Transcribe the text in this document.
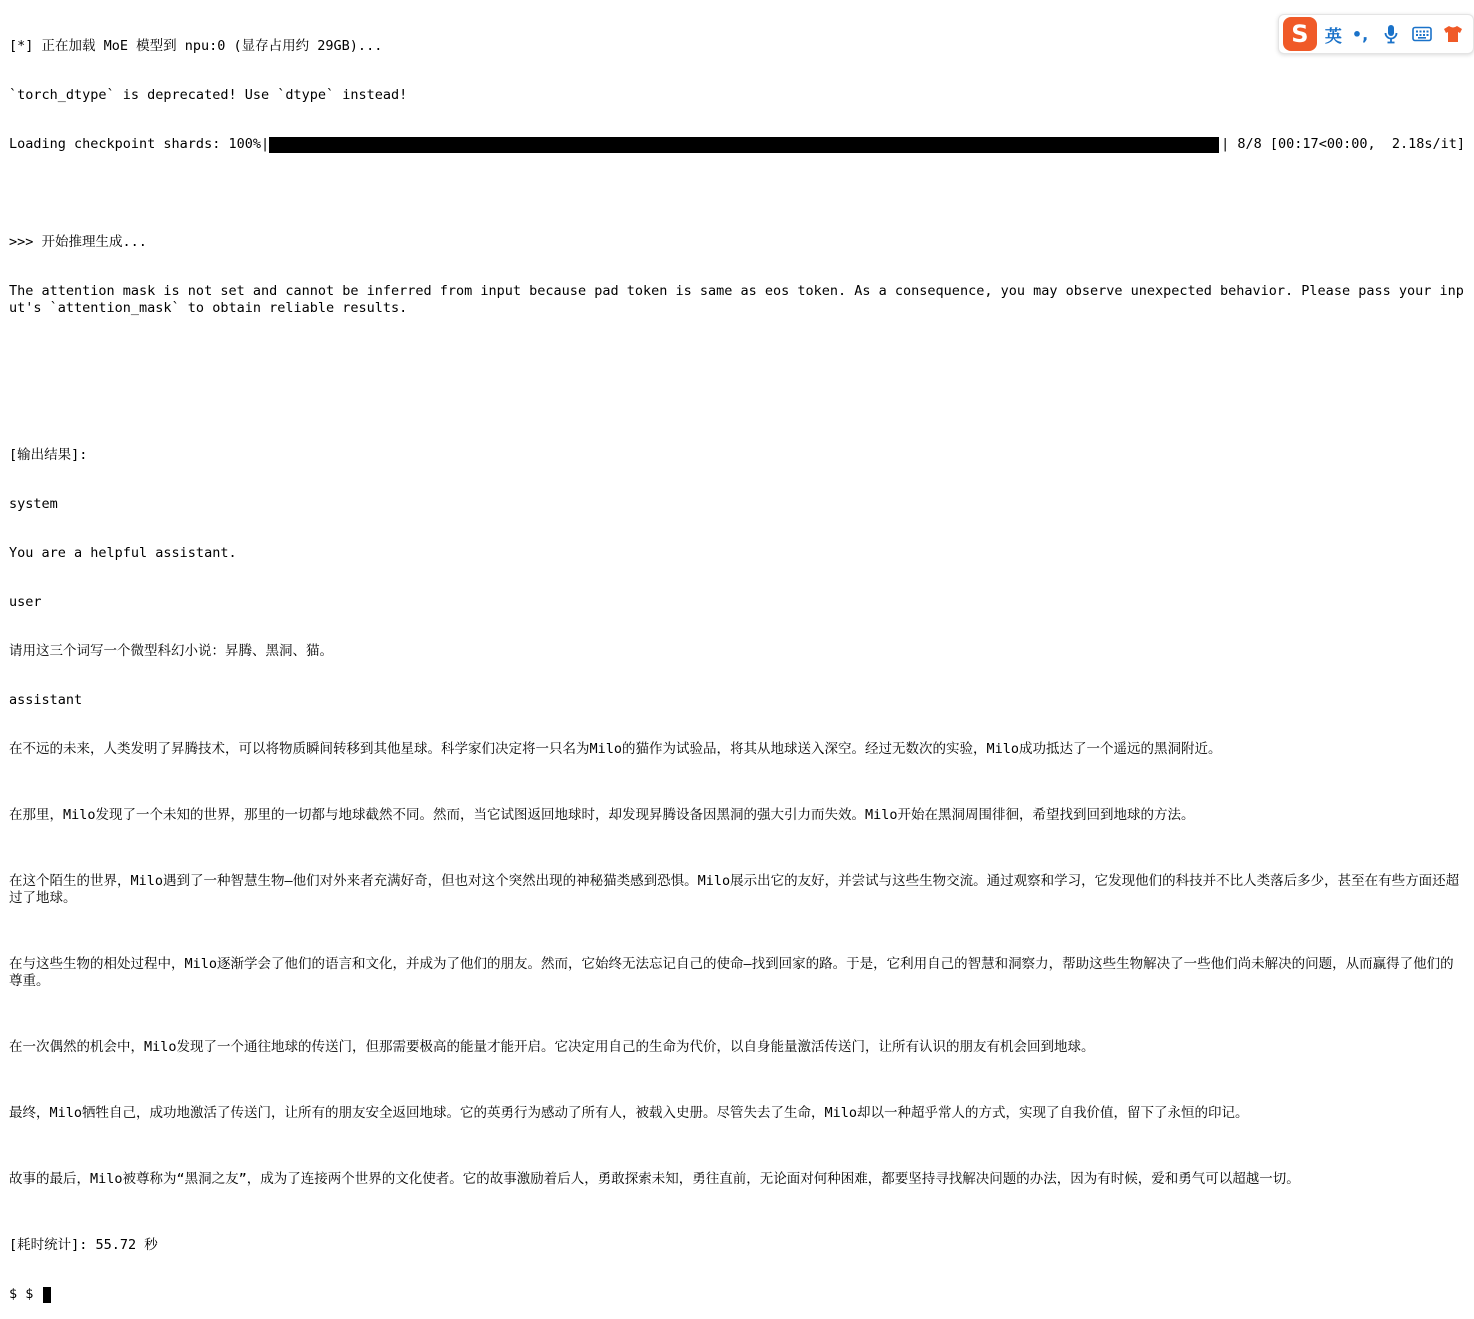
[*] 正在加载 MoE 模型到 npu:0 (显存占用约 29GB)...

`torch_dtype` is deprecated! Use `dtype` instead!

Loading checkpoint shards: 100%|	| 8/8 [00:17<00:00,  2.18s/it]

>>> 开始推理生成...

The attention mask is not set and cannot be inferred from input because pad token is same as eos token. As a consequence, you may observe unexpected behavior. Please pass your input's `attention_mask` to obtain reliable results.

[输出结果]:

system

You are a helpful assistant.

user

请用这三个词写一个微型科幻小说：昇腾、黑洞、猫。

assistant

在不远的未来，人类发明了昇腾技术，可以将物质瞬间转移到其他星球。科学家们决定将一只名为Milo的猫作为试验品，将其从地球送入深空。经过无数次的实验，Milo成功抵达了一个遥远的黑洞附近。

在那里，Milo发现了一个未知的世界，那里的一切都与地球截然不同。然而，当它试图返回地球时，却发现昇腾设备因黑洞的强大引力而失效。Milo开始在黑洞周围徘徊，希望找到回到地球的方法。

在这个陌生的世界，Milo遇到了一种智慧生物—他们对外来者充满好奇，但也对这个突然出现的神秘猫类感到恐惧。Milo展示出它的友好，并尝试与这些生物交流。通过观察和学习，它发现他们的科技并不比人类落后多少，甚至在有些方面还超过了地球。

在与这些生物的相处过程中，Milo逐渐学会了他们的语言和文化，并成为了他们的朋友。然而，它始终无法忘记自己的使命—找到回家的路。于是，它利用自己的智慧和洞察力，帮助这些生物解决了一些他们尚未解决的问题，从而赢得了他们的尊重。

在一次偶然的机会中，Milo发现了一个通往地球的传送门，但那需要极高的能量才能开启。它决定用自己的生命为代价，以自身能量激活传送门，让所有认识的朋友有机会回到地球。

最终，Milo牺牲自己，成功地激活了传送门，让所有的朋友安全返回地球。它的英勇行为感动了所有人，被载入史册。尽管失去了生命，Milo却以一种超乎常人的方式，实现了自我价值，留下了永恒的印记。

故事的最后，Milo被尊称为“黑洞之友”，成为了连接两个世界的文化使者。它的故事激励着后人，勇敢探索未知，勇往直前，无论面对何种困难，都要坚持寻找解决问题的办法，因为有时候，爱和勇气可以超越一切。

[耗时统计]: 55.72 秒

$ $

S 英 •,
